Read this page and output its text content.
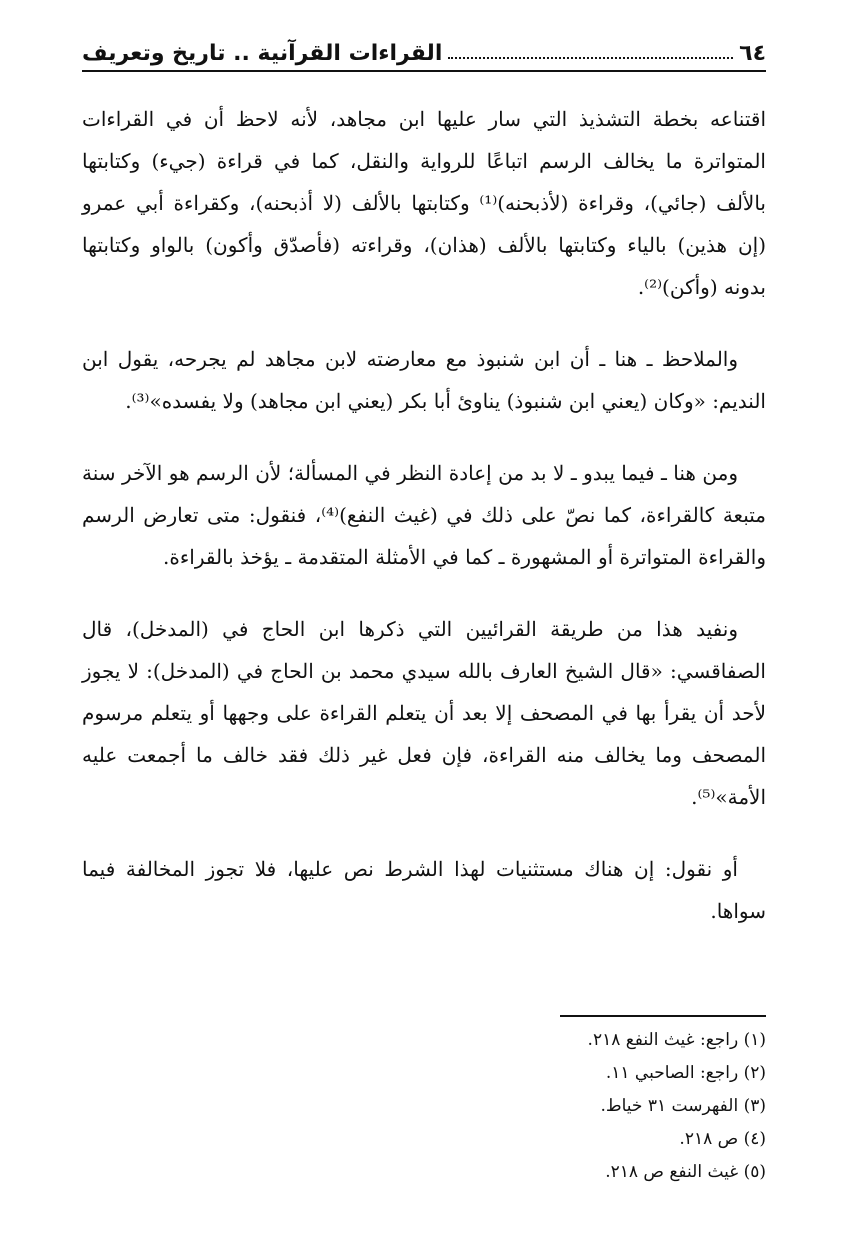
٦٤
القراءات القرآنية .. تاريخ وتعريف

اقتناعه بخطة التشذيذ التي سار عليها ابن مجاهد، لأنه لاحظ أن في القراءات المتواترة ما يخالف الرسم اتباعًا للرواية والنقل، كما في قراءة (جيء) وكتابتها بالألف (جائي)، وقراءة (لأذبحنه)⁽¹⁾ وكتابتها بالألف (لا أذبحنه)، وكقراءة أبي عمرو (إن هذين) بالياء وكتابتها بالألف (هذان)، وقراءته (فأصدّق وأكون) بالواو وكتابتها بدونه (وأكن)⁽²⁾.

والملاحظ ـ هنا ـ أن ابن شنبوذ مع معارضته لابن مجاهد لم يجرحه، يقول ابن النديم: «وكان (يعني ابن شنبوذ) يناوئ أبا بكر (يعني ابن مجاهد) ولا يفسده»⁽³⁾.

ومن هنا ـ فيما يبدو ـ لا بد من إعادة النظر في المسألة؛ لأن الرسم هو الآخر سنة متبعة كالقراءة، كما نصّ على ذلك في (غيث النفع)⁽⁴⁾، فنقول: متى تعارض الرسم والقراءة المتواترة أو المشهورة ـ كما في الأمثلة المتقدمة ـ يؤخذ بالقراءة.

ونفيد هذا من طريقة القرائيين التي ذكرها ابن الحاج في (المدخل)، قال الصفاقسي: «قال الشيخ العارف بالله سيدي محمد بن الحاج في (المدخل): لا يجوز لأحد أن يقرأ بها في المصحف إلا بعد أن يتعلم القراءة على وجهها أو يتعلم مرسوم المصحف وما يخالف منه القراءة، فإن فعل غير ذلك فقد خالف ما أجمعت عليه الأمة»⁽⁵⁾.

أو نقول: إن هناك مستثنيات لهذا الشرط نص عليها، فلا تجوز المخالفة فيما سواها.

(١) راجع: غيث النفع ٢١٨.

(٢) راجع: الصاحبي ١١.

(٣) الفهرست ٣١ خياط.

(٤) ص ٢١٨.

(٥) غيث النفع ص ٢١٨.
